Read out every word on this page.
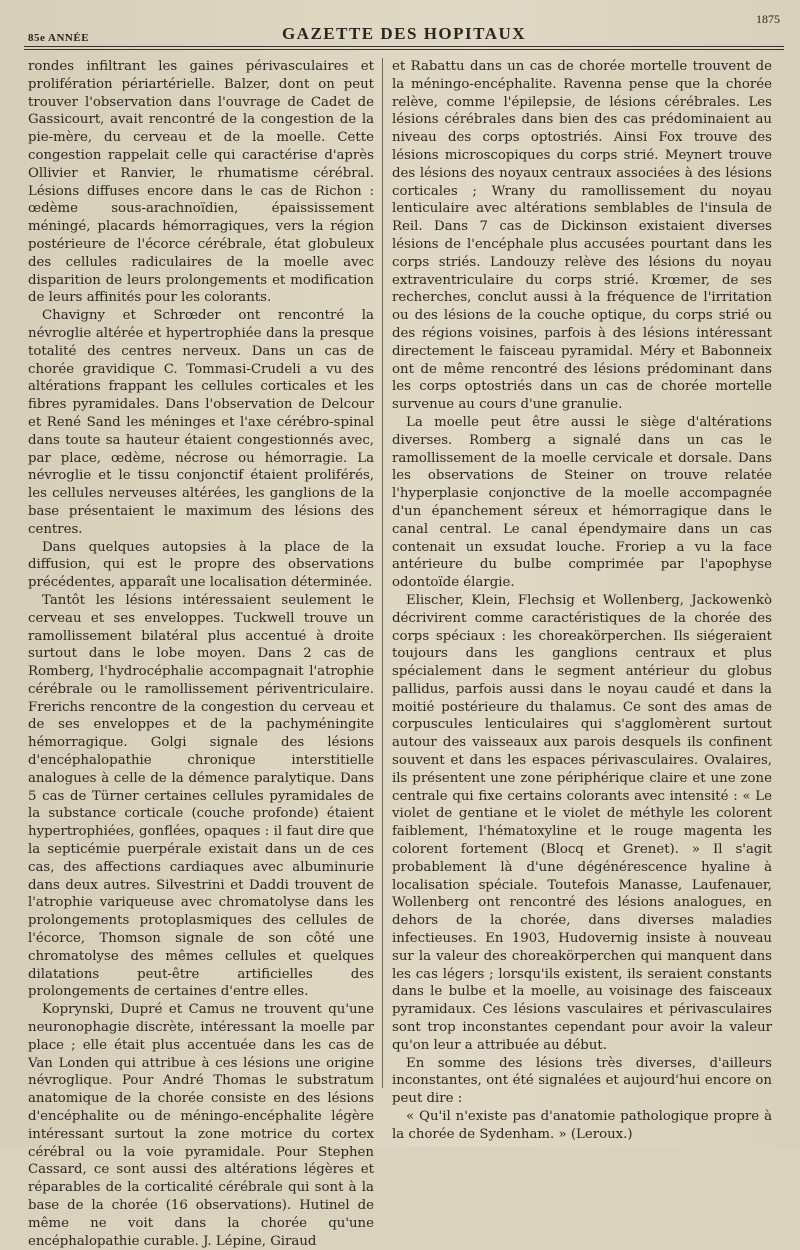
85e ANNÉE	GAZETTE DES HOPITAUX
1875

rondes infiltrant les gaines périvasculaires et prolifération périartérielle. Balzer, dont on peut trouver l'observation dans l'ouvrage de Cadet de Gassicourt, avait rencontré de la congestion de la pie-mère, du cerveau et de la moelle. Cette congestion rappelait celle qui caractérise d'après Ollivier et Ranvier, le rhumatisme cérébral. Lésions diffuses encore dans le cas de Richon : œdème sous-arachnoïdien, épaississement méningé, placards hémorragiques, vers la région postérieure de l'écorce cérébrale, état globuleux des cellules radiculaires de la moelle avec disparition de leurs prolongements et modification de leurs affinités pour les colorants.

Chavigny et Schrœder ont rencontré la névroglie altérée et hypertrophiée dans la presque totalité des centres nerveux. Dans un cas de chorée gravidique C. Tommasi-Crudeli a vu des altérations frappant les cellules corticales et les fibres pyramidales. Dans l'observation de Delcour et René Sand les méninges et l'axe cérébro-spinal dans toute sa hauteur étaient congestionnés avec, par place, œdème, nécrose ou hémorragie. La névroglie et le tissu conjonctif étaient proliférés, les cellules nerveuses altérées, les ganglions de la base présentaient le maximum des lésions des centres.

Dans quelques autopsies à la place de la diffusion, qui est le propre des observations précédentes, apparaît une localisation déterminée.

Tantôt les lésions intéressaient seulement le cerveau et ses enveloppes. Tuckwell trouve un ramollissement bilatéral plus accentué à droite surtout dans le lobe moyen. Dans 2 cas de Romberg, l'hydrocéphalie accompagnait l'atrophie cérébrale ou le ramollissement périventriculaire. Frerichs rencontre de la congestion du cerveau et de ses enveloppes et de la pachyméningite hémorragique. Golgi signale des lésions d'encéphalopathie chronique interstitielle analogues à celle de la démence paralytique. Dans 5 cas de Türner certaines cellules pyramidales de la substance corticale (couche profonde) étaient hypertrophiées, gonflées, opaques : il faut dire que la septicémie puerpérale existait dans un de ces cas, des affections cardiaques avec albuminurie dans deux autres. Silvestrini et Daddi trouvent de l'atrophie variqueuse avec chromatolyse dans les prolongements protoplasmiques des cellules de l'écorce, Thomson signale de son côté une chromatolyse des mêmes cellules et quelques dilatations peut-être artificielles des prolongements de certaines d'entre elles.

Koprynski, Dupré et Camus ne trouvent qu'une neuronophagie discrète, intéressant la moelle par place ; elle était plus accentuée dans les cas de Van Londen qui attribue à ces lésions une origine névroglique. Pour André Thomas le substratum anatomique de la chorée consiste en des lésions d'encéphalite ou de méningo-encéphalite légère intéressant surtout la zone motrice du cortex cérébral ou la voie pyramidale. Pour Stephen Cassard, ce sont aussi des altérations légères et réparables de la corticalité cérébrale qui sont à la base de la chorée (16 observations). Hutinel de même ne voit dans la chorée qu'une encéphalopathie curable. J. Lépine, Giraud

et Rabattu dans un cas de chorée mortelle trouvent de la méningo-encéphalite. Ravenna pense que la chorée relève, comme l'épilepsie, de lésions cérébrales. Les lésions cérébrales dans bien des cas prédominaient au niveau des corps optostriés. Ainsi Fox trouve des lésions microscopiques du corps strié. Meynert trouve des lésions des noyaux centraux associées à des lésions corticales ; Wrany du ramollissement du noyau lenticulaire avec altérations semblables de l'insula de Reil. Dans 7 cas de Dickinson existaient diverses lésions de l'encéphale plus accusées pourtant dans les corps striés. Landouzy relève des lésions du noyau extraventriculaire du corps strié. Krœmer, de ses recherches, conclut aussi à la fréquence de l'irritation ou des lésions de la couche optique, du corps strié ou des régions voisines, parfois à des lésions intéressant directement le faisceau pyramidal. Méry et Babonneix ont de même rencontré des lésions prédominant dans les corps optostriés dans un cas de chorée mortelle survenue au cours d'une granulie.

La moelle peut être aussi le siège d'altérations diverses. Romberg a signalé dans un cas le ramollissement de la moelle cervicale et dorsale. Dans les observations de Steiner on trouve relatée l'hyperplasie conjonctive de la moelle accompagnée d'un épanchement séreux et hémorragique dans le canal central. Le canal épendymaire dans un cas contenait un exsudat louche. Froriep a vu la face antérieure du bulbe comprimée par l'apophyse odontoïde élargie.

Elischer, Klein, Flechsig et Wollenberg, Jackowenkò décrivirent comme caractéristiques de la chorée des corps spéciaux : les choreakörperchen. Ils siégeraient toujours dans les ganglions centraux et plus spécialement dans le segment antérieur du globus pallidus, parfois aussi dans le noyau caudé et dans la moitié postérieure du thalamus. Ce sont des amas de corpuscules lenticulaires qui s'agglomèrent surtout autour des vaisseaux aux parois desquels ils confinent souvent et dans les espaces périvasculaires. Ovalaires, ils présentent une zone périphérique claire et une zone centrale qui fixe certains colorants avec intensité : « Le violet de gentiane et le violet de méthyle les colorent faiblement, l'hématoxyline et le rouge magenta les colorent fortement (Blocq et Grenet). » Il s'agit probablement là d'une dégénérescence hyaline à localisation spéciale. Toutefois Manasse, Laufenauer, Wollenberg ont rencontré des lésions analogues, en dehors de la chorée, dans diverses maladies infectieuses. En 1903, Hudovernig insiste à nouveau sur la valeur des choreakörperchen qui manquent dans les cas légers ; lorsqu'ils existent, ils seraient constants dans le bulbe et la moelle, au voisinage des faisceaux pyramidaux. Ces lésions vasculaires et périvasculaires sont trop inconstantes cependant pour avoir la valeur qu'on leur a attribuée au début.

En somme des lésions très diverses, d'ailleurs inconstantes, ont été signalées et aujourd'hui encore on peut dire :

« Qu'il n'existe pas d'anatomie pathologique propre à la chorée de Sydenham. » (Leroux.)
